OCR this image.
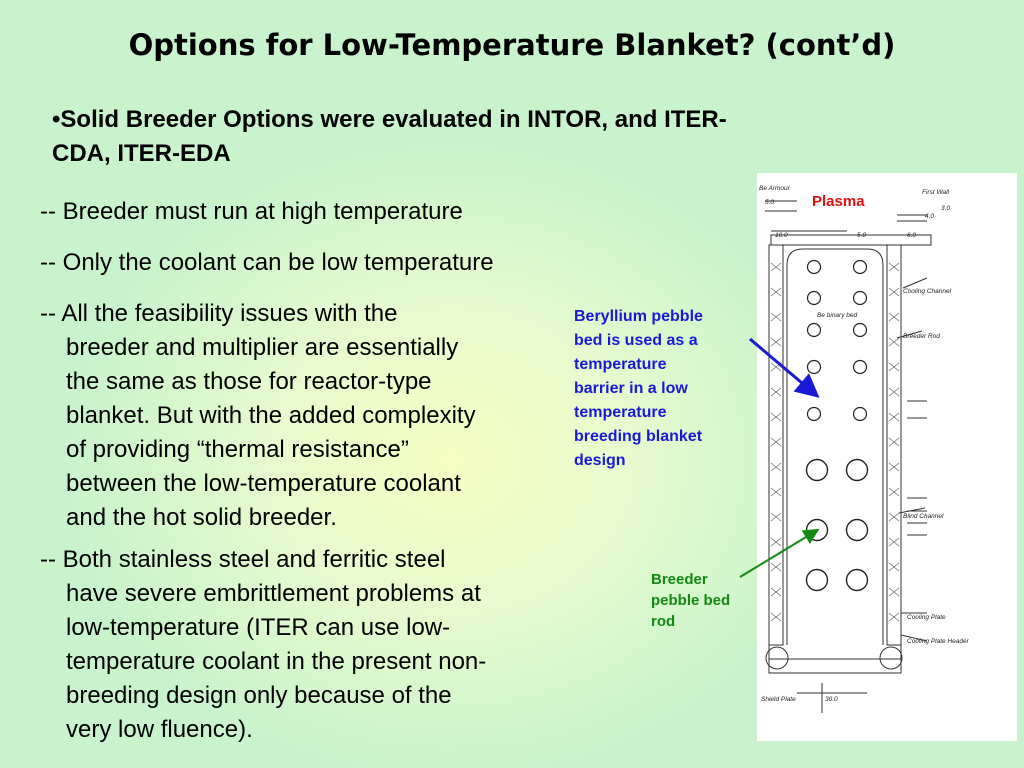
Options for Low-Temperature Blanket? (cont’d)
•Solid Breeder Options were evaluated in INTOR, and ITER-
CDA, ITER-EDA
-- Breeder must run at high temperature
-- Only the coolant can be low temperature
-- All the feasibility issues with the
breeder and multiplier are essentially
the same as those for reactor-type
blanket. But with the added complexity
of providing “thermal resistance”
between the low-temperature coolant
and the hot solid breeder.
-- Both stainless steel and ferritic steel
have severe embrittlement problems at
low-temperature (ITER can use low-
temperature coolant in the present non-
breeding design only because of the
very low fluence).
Be Armour
First Wall
Be binary bed
Cooling Channel
Breeder Rod
Blind Channel
Cooling Plate
Cooling Plate Header
Shield Plate
5.0
3.0
4.0
10.0	5.0	6.0
30.0
Plasma
Beryllium pebble
bed is used as a
temperature
barrier in a low
temperature
breeding blanket
design
Breeder
pebble bed
rod
